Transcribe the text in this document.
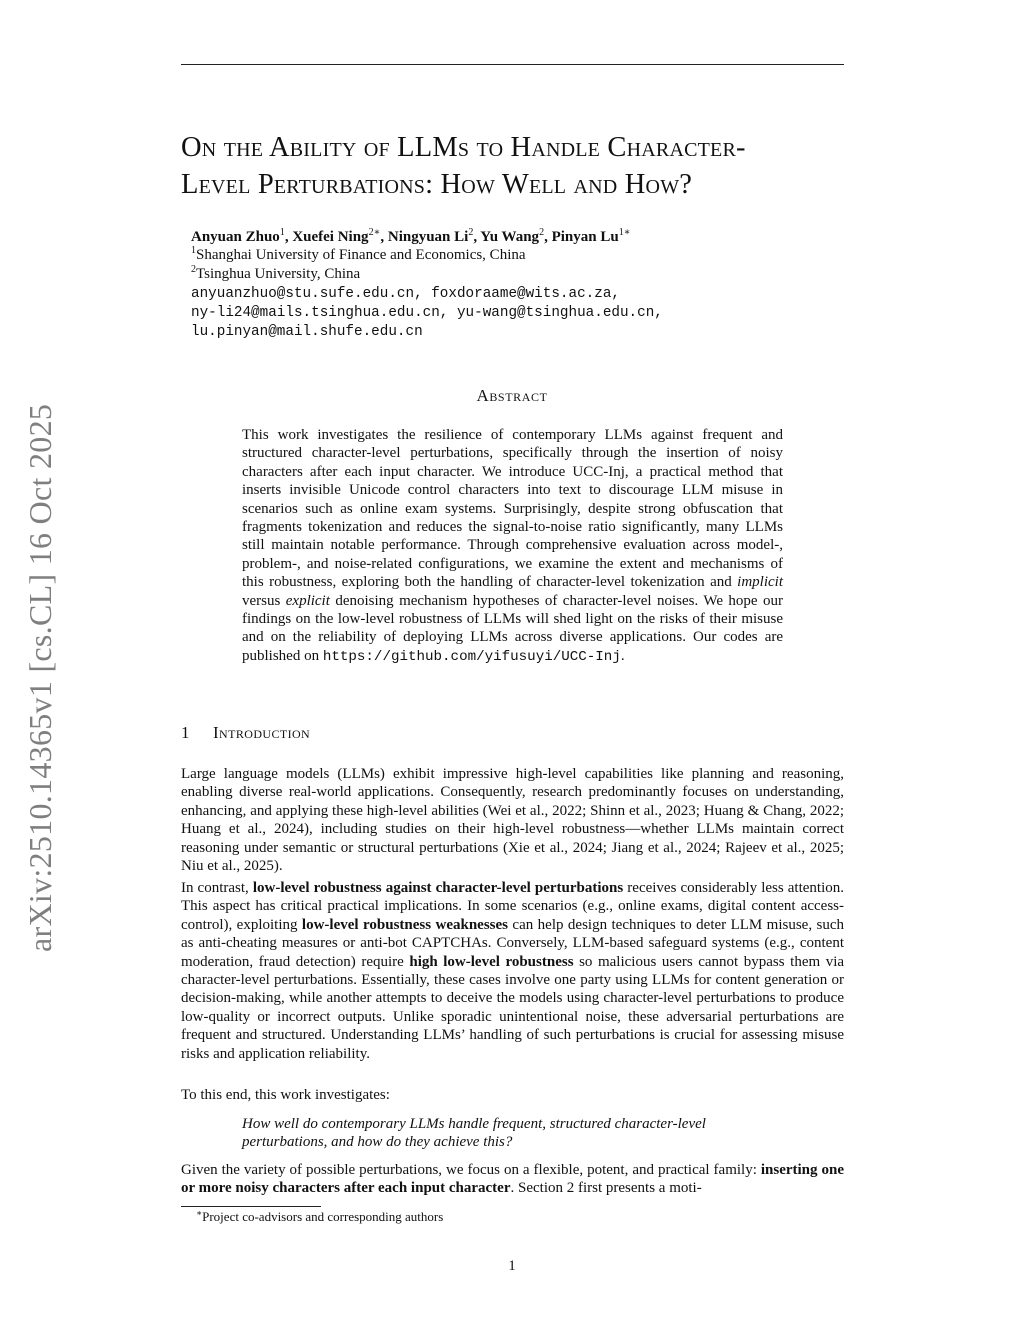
arXiv:2510.14365v1 [cs.CL] 16 Oct 2025
On the Ability of LLMs to Handle Character-
Level Perturbations: How Well and How?
Anyuan Zhuo$^1$, Xuefei Ning$^{2∗}$, Ningyuan Li$^2$, Yu Wang$^2$, Pinyan $Lu^{1∗}$
$^1$Shanghai University of Finance and Economics, China
$^2$Tsinghua University, China
anyuanzhuo@stu.sufe.edu.cn, foxdoraame@wits.ac.za,
ny-li24@mails.tsinghua.edu.cn, yu-wang@tsinghua.edu.cn,
lu.pinyan@mail.shufe.edu.cn
Abstract
This work investigates the resilience of contemporary LLMs against frequent and structured character-level perturbations, specifically through the insertion of noisy characters after each input character. We introduce UCC-Inj, a practical method that inserts invisible Unicode control characters into text to discourage LLM misuse in scenarios such as online exam systems. Surprisingly, despite strong obfuscation that fragments tokenization and reduces the signal-to-noise ratio significantly, many LLMs still maintain notable performance. Through comprehensive evaluation across model-, problem-, and noise-related configurations, we examine the extent and mechanisms of this robustness, exploring both the handling of character-level tokenization and implicit versus explicit denoising mechanism hypotheses of character-level noises. We hope our findings on the low-level robustness of LLMs will shed light on the risks of their misuse and on the reliability of deploying LLMs across diverse applications. Our codes are published on https://github.com/yifusuyi/UCC-Inj.
1 Introduction
Large language models (LLMs) exhibit impressive high-level capabilities like planning and reasoning, enabling diverse real-world applications. Consequently, research predominantly focuses on understanding, enhancing, and applying these high-level abilities (Wei et al., 2022; Shinn et al., 2023; Huang & Chang, 2022; Huang et al., 2024), including studies on their high-level robustness—whether LLMs maintain correct reasoning under semantic or structural perturbations (Xie et al., 2024; Jiang et al., 2024; Rajeev et al., 2025; Niu et al., 2025).
In contrast, low-level robustness against character-level perturbations receives considerably less attention. This aspect has critical practical implications. In some scenarios (e.g., online exams, digital content access-control), exploiting low-level robustness weaknesses can help design techniques to deter LLM misuse, such as anti-cheating measures or anti-bot CAPTCHAs. Conversely, LLM-based safeguard systems (e.g., content moderation, fraud detection) require high low-level robustness so malicious users cannot bypass them via character-level perturbations. Essentially, these cases involve one party using LLMs for content generation or decision-making, while another attempts to deceive the models using character-level perturbations to produce low-quality or incorrect outputs. Unlike sporadic unintentional noise, these adversarial perturbations are frequent and structured. Understanding LLMs’ handling of such perturbations is crucial for assessing misuse risks and application reliability.
To this end, this work investigates:
How well do contemporary LLMs handle frequent, structured character-level perturbations, and how do they achieve this?
Given the variety of possible perturbations, we focus on a flexible, potent, and practical family: inserting one or more noisy characters after each input character. Section 2 first presents a moti-
∗Project co-advisors and corresponding authors
1
